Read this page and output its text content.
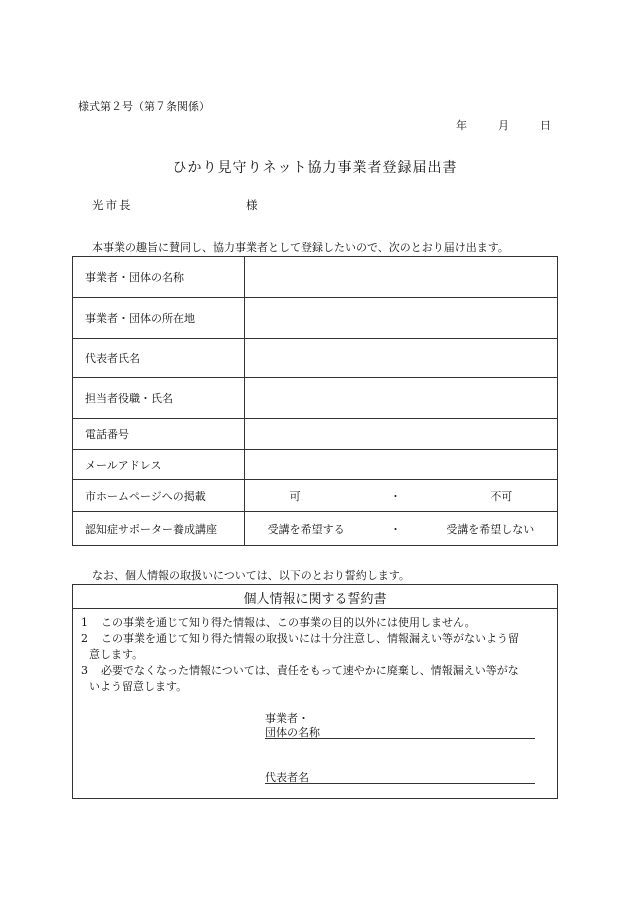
様式第２号（第７条関係）
年	月	日
ひかり見守りネット協力事業者登録届出書
光市長	様
本事業の趣旨に賛同し、協力事業者として登録したいので、次のとおり届け出ます。
事業者・団体の名称	
事業者・団体の所在地	
代表者氏名	
担当者役職・氏名	
電話番号	
メールアドレス	
市ホームページへの掲載	可 ・ 不可

認知症サポーター養成講座	受講を希望する ・ 受講を希望しない
なお、個人情報の取扱いについては、以下のとおり誓約します。
個人情報に関する誓約書
1 この事業を通じて知り得た情報は、この事業の目的以外には使用しません。
2 この事業を通じて知り得た情報の取扱いには十分注意し、情報漏えい等がないよう留
意します。
3 必要でなくなった情報については、責任をもって速やかに廃棄し、情報漏えい等がな
いよう留意します。
事業者・
団体の名称
代表者名
